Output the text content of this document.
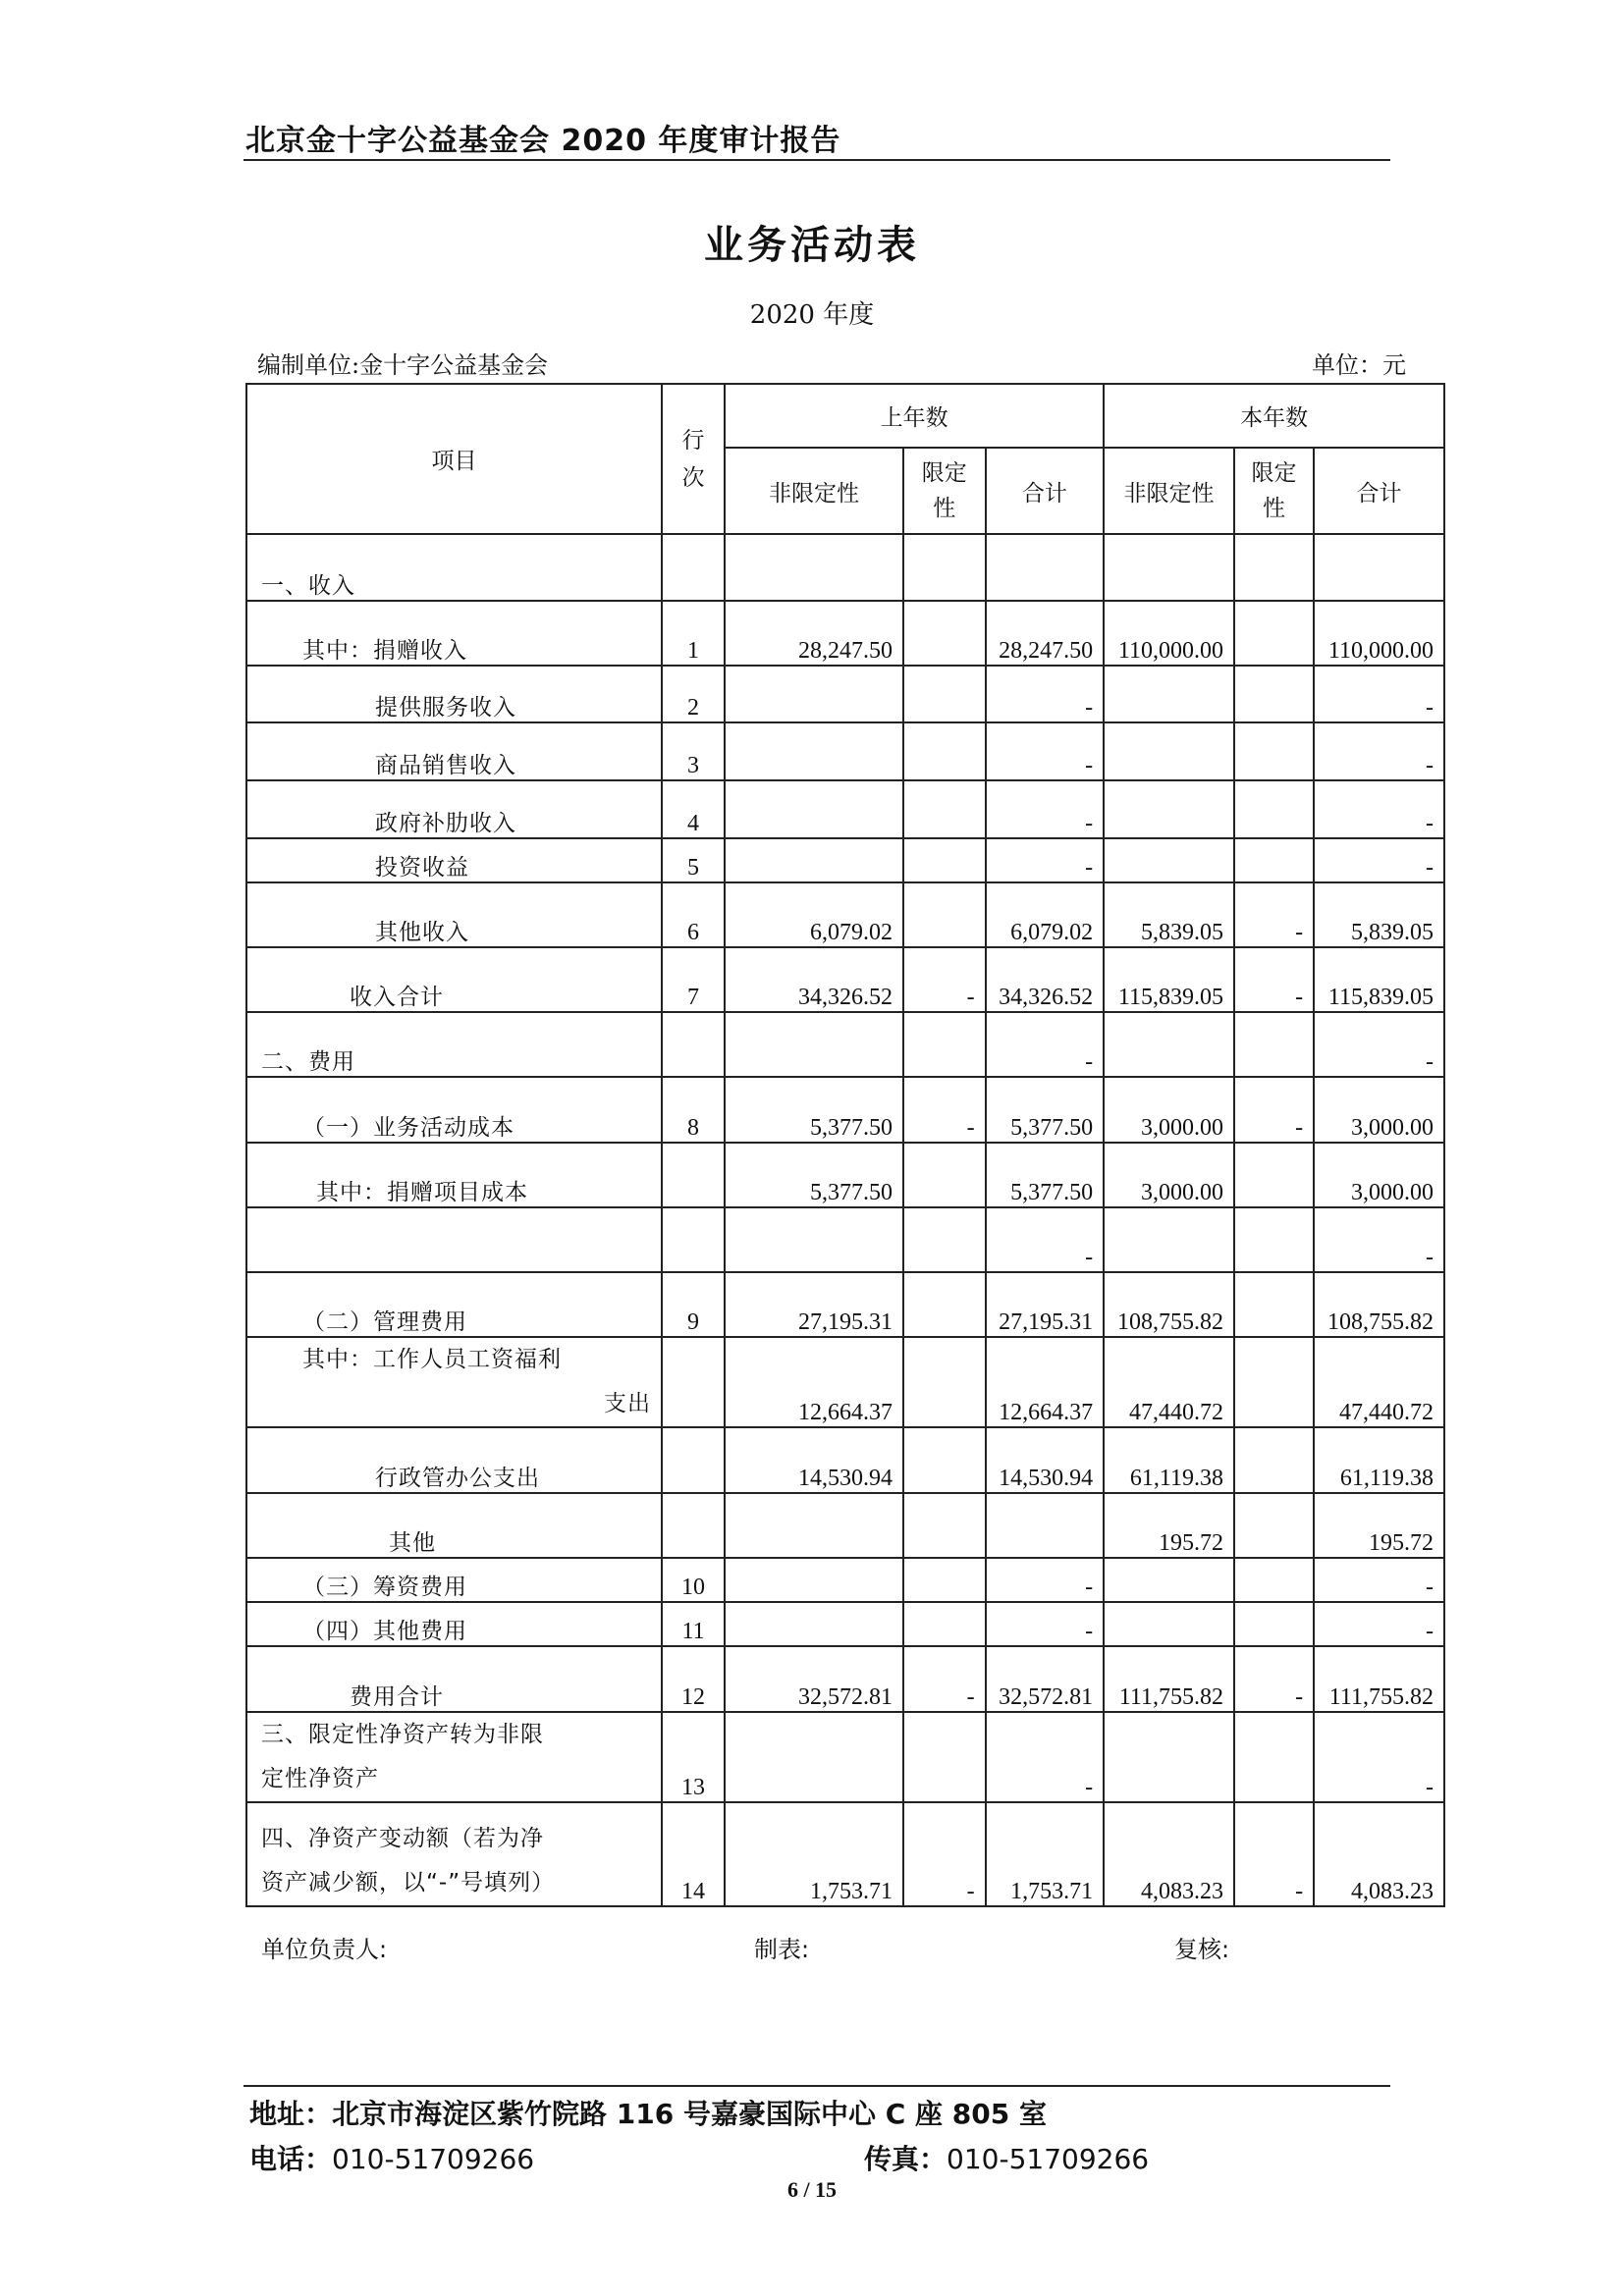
北京金十字公益基金会 2020 年度审计报告
业务活动表
2020 年度
编制单位:金十字公益基金会	单位：元
项目	行次	上年数			本年数		
		非限定性	限定性	合计	非限定性	限定性	合计
一、收入							
其中：捐赠收入	1	28,247.50		28,247.50	110,000.00		110,000.00
提供服务收入	2			-			-
商品销售收入	3			-			-
政府补肋收入	4			-			-
投资收益	5			-			-
其他收入	6	6,079.02		6,079.02	5,839.05	-	5,839.05
收入合计	7	34,326.52	-	34,326.52	115,839.05	-	115,839.05
二、费用				-			-
（一）业务活动成本	8	5,377.50	-	5,377.50	3,000.00	-	3,000.00
其中：捐赠项目成本		5,377.50		5,377.50	3,000.00		3,000.00
				-			-
（二）管理费用	9	27,195.31		27,195.31	108,755.82		108,755.82

其中：工作人员工资福利
支出		12,664.37		12,664.37	47,440.72		47,440.72
行政管办公支出		14,530.94		14,530.94	61,119.38		61,119.38
其他					195.72		195.72
（三）筹资费用	10			-			-
（四）其他费用	11			-			-
费用合计	12	32,572.81	-	32,572.81	111,755.82	-	111,755.82

三、限定性净资产转为非限
定性净资产	13			-			-

四、净资产变动额（若为净
资产减少额，以“-”号填列）	14	1,753.71	-	1,753.71	4,083.23	-	4,083.23
单位负责人:	制表:	复核:
地址：北京市海淀区紫竹院路 116 号嘉豪国际中心 C 座 805 室
电话：010-51709266	传真：010-51709266
6 / 15
